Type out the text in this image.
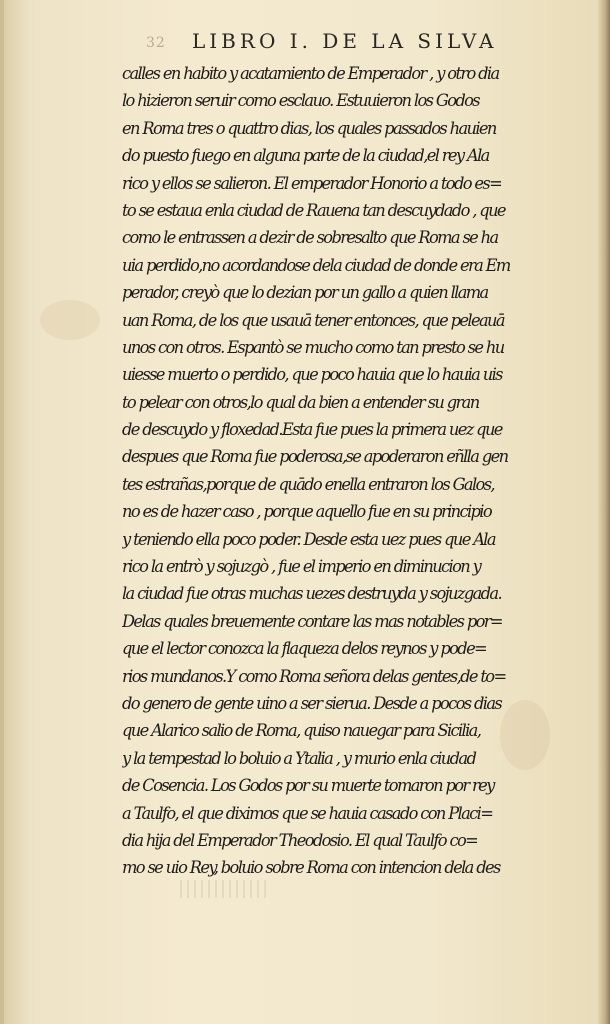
32 LIBRO I. DE LA SILVA
calles en habito y acatamiento de Emperador , y otro dia
lo hizieron seruir como esclauo. Estuuieron los Godos
en Roma tres o quattro dias, los quales passados hauien
do puesto fuego en alguna parte de la ciudad,el rey Ala
rico y ellos se salieron. El emperador Honorio a todo es=
to se estaua enla ciudad de Rauena tan descuydado , que
como le entrassen a dezir de sobresalto que Roma se ha
uia perdido,no acordandose dela ciudad de donde era Em
perador, creyò que lo dezian por un gallo a quien llama
uan Roma, de los que usauā tener entonces, que peleauā
unos con otros. Espantò se mucho como tan presto se hu
uiesse muerto o perdido, que poco hauia que lo hauia uis
to pelear con otros,lo qual da bien a entender su gran
de descuydo y floxedad.Esta fue pues la primera uez que
despues que Roma fue poderosa,se apoderaron eñlla gen
tes estrañas,porque de quādo enella entraron los Galos,
no es de hazer caso , porque aquello fue en su principio
y teniendo ella poco poder. Desde esta uez pues que Ala
rico la entrò y sojuzgò , fue el imperio en diminucion y
la ciudad fue otras muchas uezes destruyda y sojuzgada.
Delas quales breuemente contare las mas notables por=
que el lector conozca la flaqueza delos reynos y pode=
rios mundanos.Y como Roma señora delas gentes,de to=
do genero de gente uino a ser sierua. Desde a pocos dias
que Alarico salio de Roma, quiso nauegar para Sicilia,
y la tempestad lo boluio a Ytalia , y murio enla ciudad
de Cosencia. Los Godos por su muerte tomaron por rey
a Taulfo, el que diximos que se hauia casado con Placi=
dia hija del Emperador Theodosio. El qual Taulfo co=
mo se uio Rey, boluio sobre Roma con intencion dela des
